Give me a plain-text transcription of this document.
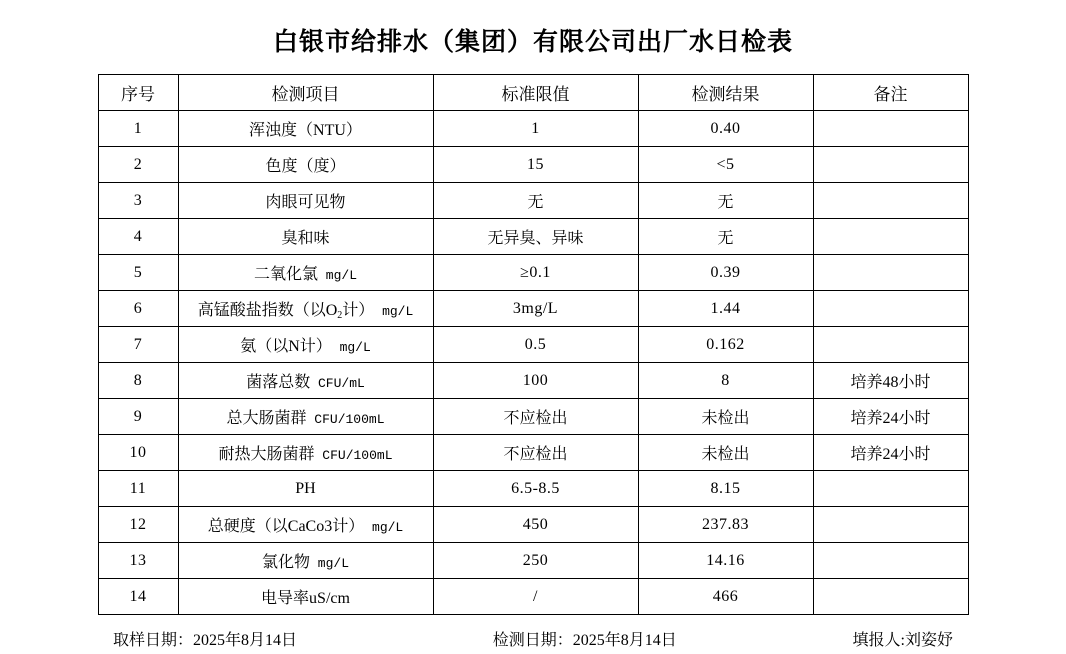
白银市给排水（集团）有限公司出厂水日检表
序号	检测项目	标准限值	检测结果	备注
1	浑浊度（NTU）	1	0.40	
2	色度（度）	15	<5	
3	肉眼可见物	无	无	
4	臭和味	无异臭、异味	无	
5	二氧化氯 mg/L	≥0.1	0.39	
6	高锰酸盐指数（以$O_2$计） mg/L	3mg/L	1.44	
7	氨（以N计） mg/L	0.5	0.162	
8	菌落总数 CFU/mL	100	8	培养48小时
9	总大肠菌群 CFU/100mL	不应检出	未检出	培养24小时
10	耐热大肠菌群 CFU/100mL	不应检出	未检出	培养24小时
11	PH	6.5-8.5	8.15	
12	总硬度（以CaCo3计） mg/L	450	237.83	
13	氯化物 mg/L	250	14.16	
14	电导率uS/cm	/	466	
取样日期：2025年8月14日	检测日期：2025年8月14日	填报人:刘姿妤
